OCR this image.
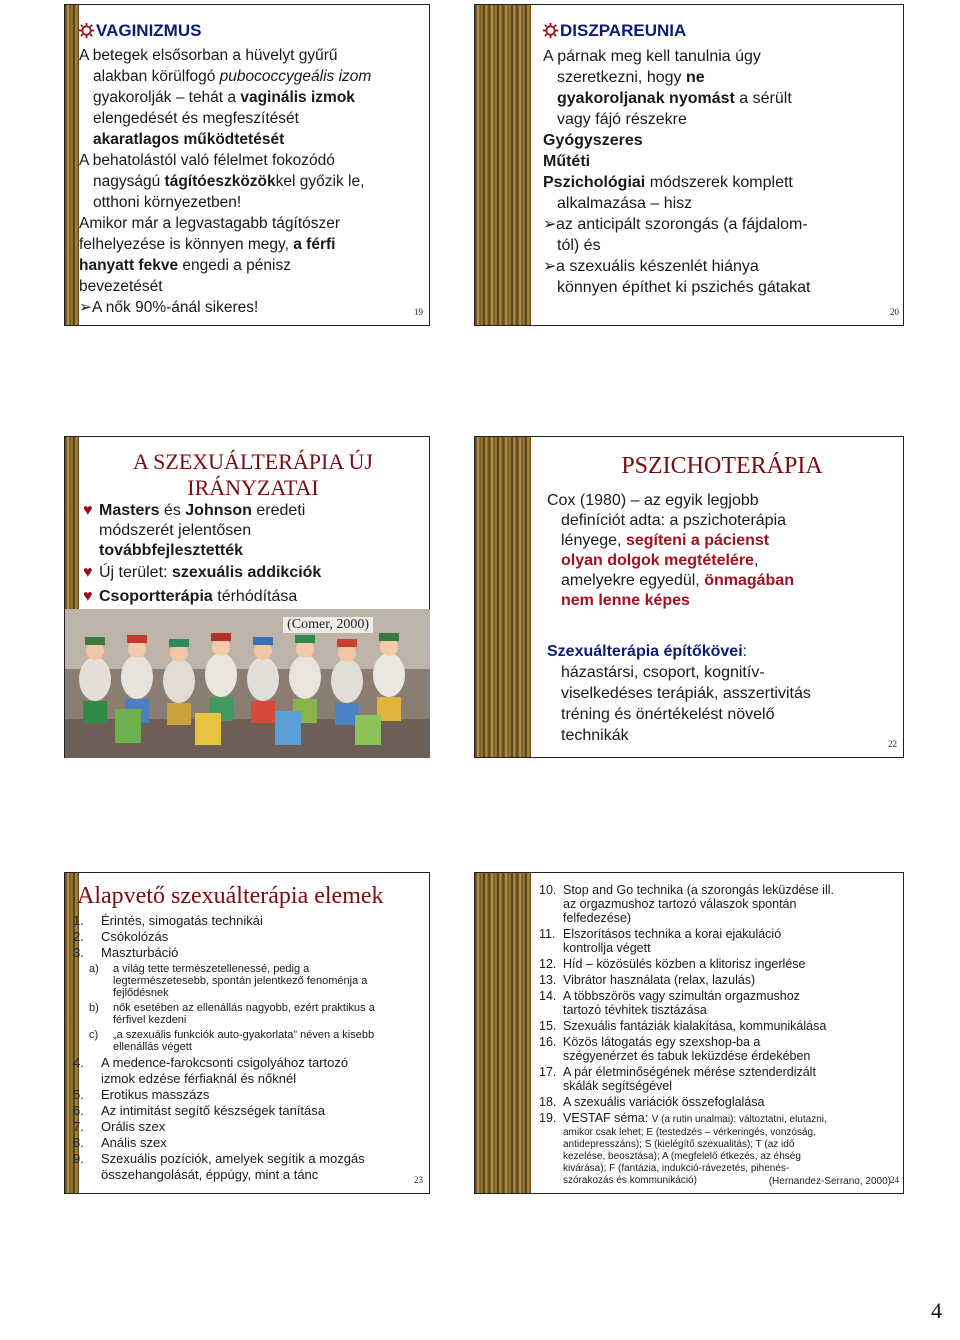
VAGINIZMUS

A betegek elsősorban a hüvelyt gyűrű

alakban körülfogó pubococcygeális izom

gyakorolják – tehát a vaginális izmok

elengedését és megfeszítését

akaratlagos működtetését

A behatolástól való félelmet fokozódó

nagyságú tágítóeszközökkel győzik le,

otthoni környezetben!

Amikor már a legvastagabb tágítószer

felhelyezése is könnyen megy, a férfi

hanyatt fekve engedi a pénisz

bevezetését

➢A nők 90%-ánál sikeres!	19
DISZPAREUNIA

A párnak meg kell tanulnia úgy

szeretkezni, hogy ne

gyakoroljanak nyomást a sérült

vagy fájó részekre

Gyógyszeres

Műtéti

Pszichológiai módszerek komplett

alkalmazása – hisz

➢az anticipált szorongás (a fájdalom-

tól) és

➢a szexuális készenlét hiánya

könnyen építhet ki pszichés gátakat

20
A SZEXUÁLTERÁPIA ÚJ
IRÁNYZATAI

♥ Masters és Johnson eredeti

módszerét jelentősen

továbbfejlesztették

♥ Új terület: szexuális addikciók

♥ Csoportterápia térhódítása

(Comer, 2000)
PSZICHOTERÁPIA

Cox (1980) – az egyik legjobb

definíciót adta: a pszichoterápia

lényege, segíteni a pácienst

olyan dolgok megtételére,

amelyekre egyedül, önmagában

nem lenne képes

Szexuálterápia építőkövei:

házastársi, csoport, kognitív-

viselkedéses terápiák, asszertivitás

tréning és önértékelést növelő

technikák	22
Alapvető szexuálterápia elemek
1. Érintés, simogatás technikái
2. Csókolózás
3. Maszturbáció
a) a világ tette természetellenessé, pedig a
legtermészetesebb, spontán jelentkező fenoménja a
fejlődésnek
b) nők esetében az ellenállás nagyobb, ezért praktikus a
férfivel kezdeni
c) „a szexuális funkciók auto-gyakorlata” néven a kisebb
ellenállás végett
4. A medence-farokcsonti csigolyához tartozó
izmok edzése férfiaknál és nőknél
5. Erotikus masszázs
6. Az intimitást segítő készségek tanítása
7. Orális szex
8. Anális szex
9. Szexuális pozíciók, amelyek segítik a mozgás
összehangolását, éppúgy, mint a tánc	23
10. Stop and Go technika (a szorongás leküzdése ill.
az orgazmushoz tartozó válaszok spontán
felfedezése)
11. Elszorításos technika a korai ejakuláció
kontrollja végett
12. Híd – közösülés közben a klitorisz ingerlése
13. Vibrátor használata (relax, lazulás)
14. A többszörös vagy szimultán orgazmushoz
tartozó tévhitek tisztázása
15. Szexuális fantáziák kialakítása, kommunikálása
16. Közös látogatás egy szexshop-ba a
szégyenérzet és tabuk leküzdése érdekében
17. A pár életminőségének mérése sztenderdizált
skálák segítségével
18. A szexuális variációk összefoglalása
19. VESTAF séma: V (a rutin unalmai): változtatni, elutazni,
amikor csak lehet; E (testedzés – vérkeringés, vonzóság,
antidepresszáns); S (kielégítő szexualitás); T (az idő
kezelése, beosztása); A (megfelelő étkezés, az éhség
kivárása); F (fantázia, indukció-rávezetés, pihenés-
szórakozás és kommunikáció)	(Hernandez-Serrano, 2000) 24
4
